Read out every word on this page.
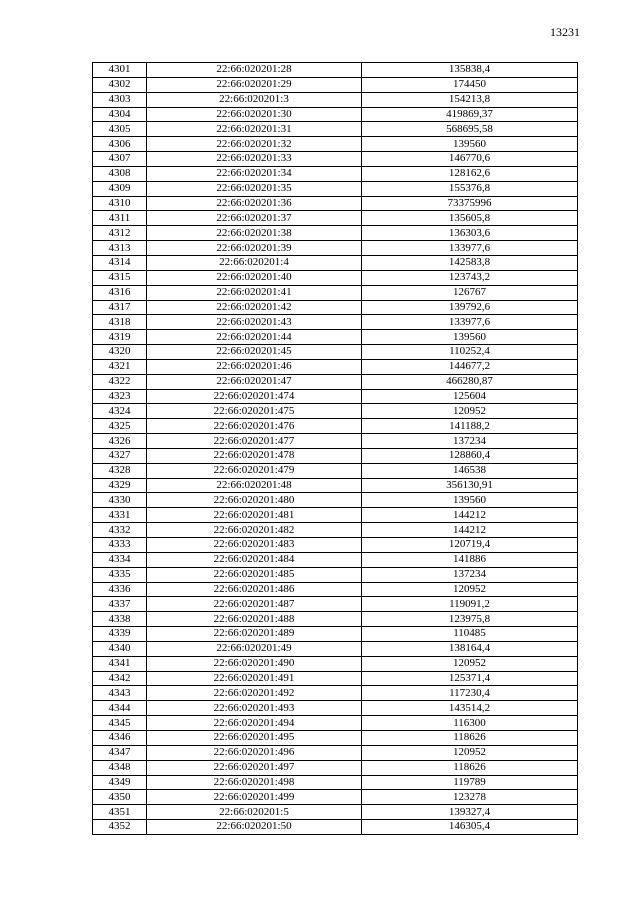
13231
4301	22:66:020201:28	135838,4
4302	22:66:020201:29	174450
4303	22:66:020201:3	154213,8
4304	22:66:020201:30	419869,37
4305	22:66:020201:31	568695,58
4306	22:66:020201:32	139560
4307	22:66:020201:33	146770,6
4308	22:66:020201:34	128162,6
4309	22:66:020201:35	155376,8
4310	22:66:020201:36	73375996
4311	22:66:020201:37	135605,8
4312	22:66:020201:38	136303,6
4313	22:66:020201:39	133977,6
4314	22:66:020201:4	142583,8
4315	22:66:020201:40	123743,2
4316	22:66:020201:41	126767
4317	22:66:020201:42	139792,6
4318	22:66:020201:43	133977,6
4319	22:66:020201:44	139560
4320	22:66:020201:45	110252,4
4321	22:66:020201:46	144677,2
4322	22:66:020201:47	466280,87
4323	22:66:020201:474	125604
4324	22:66:020201:475	120952
4325	22:66:020201:476	141188,2
4326	22:66:020201:477	137234
4327	22:66:020201:478	128860,4
4328	22:66:020201:479	146538
4329	22:66:020201:48	356130,91
4330	22:66:020201:480	139560
4331	22:66:020201:481	144212
4332	22:66:020201:482	144212
4333	22:66:020201:483	120719,4
4334	22:66:020201:484	141886
4335	22:66:020201:485	137234
4336	22:66:020201:486	120952
4337	22:66:020201:487	119091,2
4338	22:66:020201:488	123975,8
4339	22:66:020201:489	110485
4340	22:66:020201:49	138164,4
4341	22:66:020201:490	120952
4342	22:66:020201:491	125371,4
4343	22:66:020201:492	117230,4
4344	22:66:020201:493	143514,2
4345	22:66:020201:494	116300
4346	22:66:020201:495	118626
4347	22:66:020201:496	120952
4348	22:66:020201:497	118626
4349	22:66:020201:498	119789
4350	22:66:020201:499	123278
4351	22:66:020201:5	139327,4
4352	22:66:020201:50	146305,4
